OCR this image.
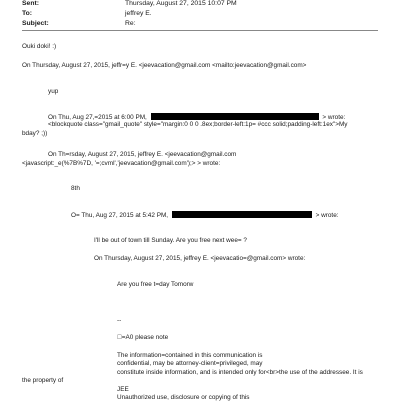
Sent:	Thursday, August 27, 2015 10:07 PM
To:	jeffrey E.
Subject:	Re:
Ouki doki! :)
On Thursday, August 27, 2015, jeffr=y E. <jeevacation@gmail.com <mailto:jeevacation@gmail.com>
yup
On Thu, Aug 27,=2015 at 6:00 PM,	> wrote:
<blockquote class="gmail_quote" style="margin:0 0 0 .8ex;border-left:1p= #ccc solid;padding-left:1ex">My
bday? ;))
On Th=rsday, August 27, 2015, jeffrey E. <jeevacation@gmail.com
<javascript:_e(%7B%7D, '=;cvml','jeevacation@gmail.com');> > wrote:
8th
O= Thu, Aug 27, 2015 at 5:42 PM,	> wrote:
I'll be out of town till Sunday. Are you free next wee= ?
On Thursday, August 27, 2015, jeffrey E. <jeevacatio=@gmail.com> wrote:
Are you free t=day Tomorw
--
 =A0 please note
The information=contained in this communication is
confidential, may be attorney-client=privileged, may
constitute inside information, and is intended only for<br>the use of the addressee. It is
the property of
JEE
Unauthorized use, disclosure or copying of this
